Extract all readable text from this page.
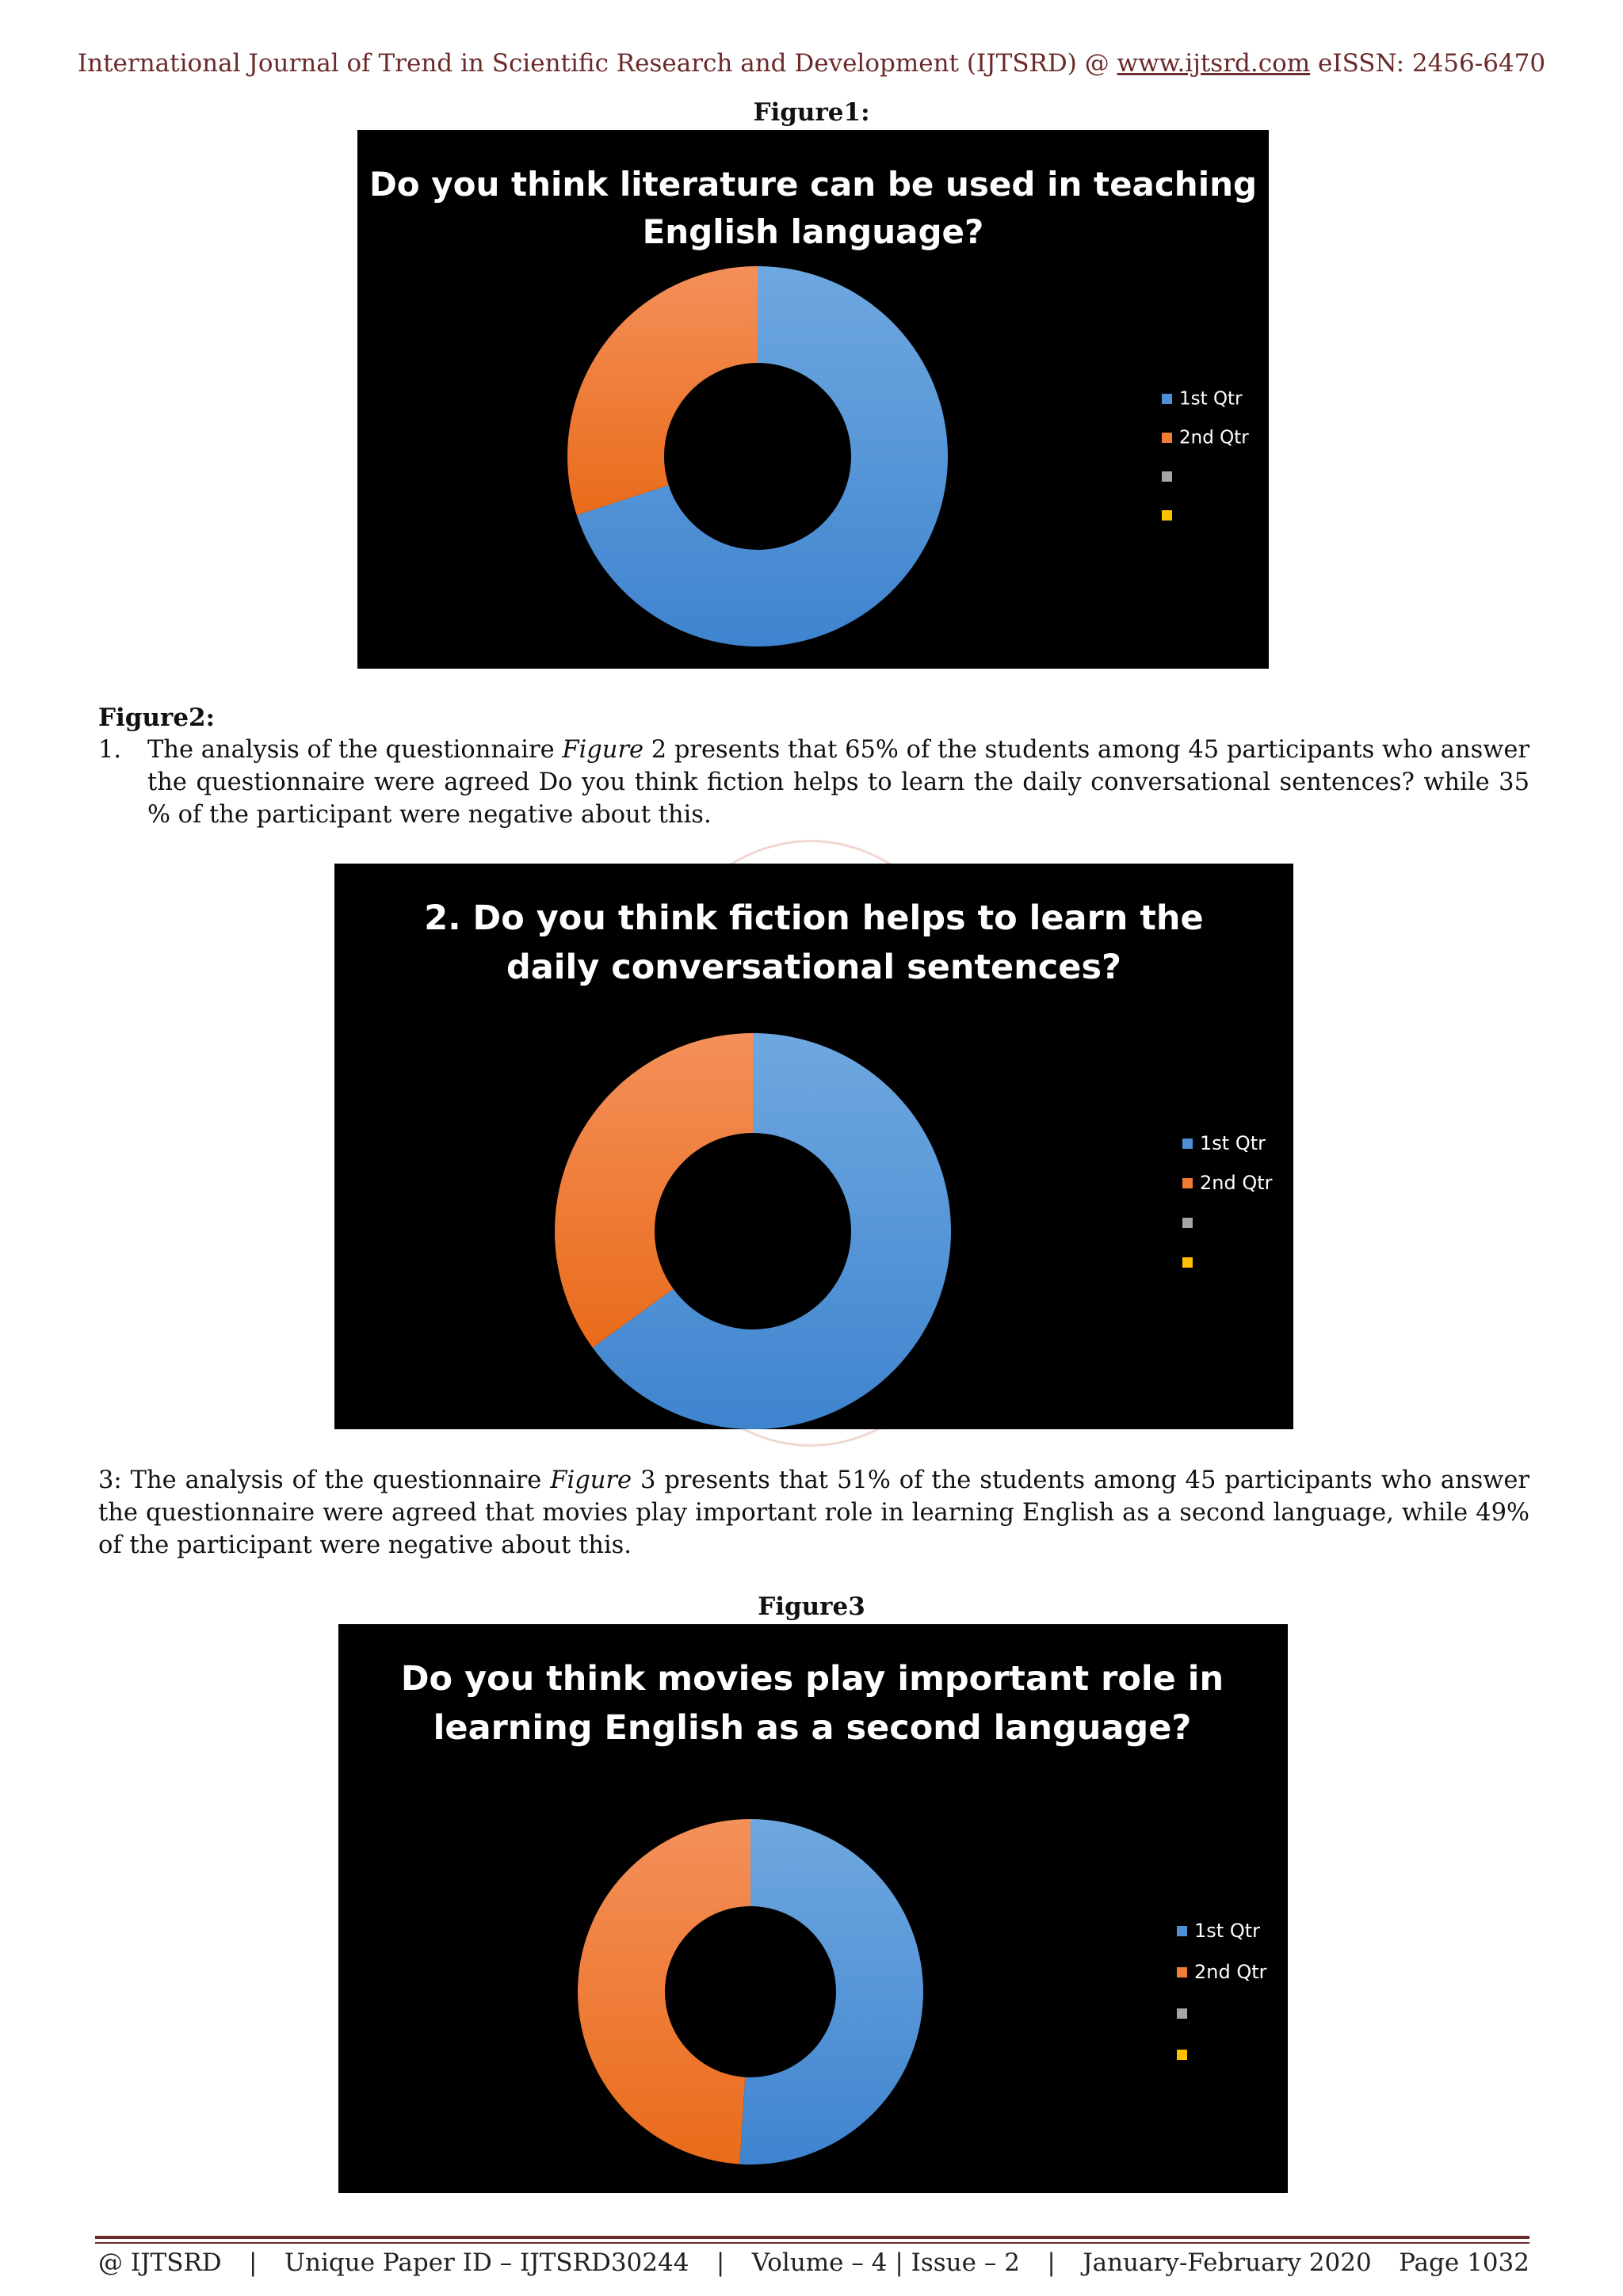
International Journal of Trend in Scientific Research and Development (IJTSRD) @ www.ijtsrd.com eISSN: 2456-6470
Figure1:
Do you think literature can be used in teaching
English language?
1st Qtr
2nd Qtr
Figure2:
1. The analysis of the questionnaire Figure 2 presents that 65% of the students among 45 participants who answer the questionnaire were agreed Do you think fiction helps to learn the daily conversational sentences? while 35 % of the participant were negative about this.
2. Do you think fiction helps to learn the
daily conversational sentences?
1st Qtr
2nd Qtr
3: The analysis of the questionnaire Figure 3 presents that 51% of the students among 45 participants who answer the questionnaire were agreed that movies play important role in learning English as a second language, while 49% of the participant were negative about this.
Figure3
Do you think movies play important role in
learning English as a second language?
1st Qtr
2nd Qtr
@ IJTSRD | Unique Paper ID – IJTSRD30244 | Volume – 4 | Issue – 2 | January-February 2020 Page 1032
